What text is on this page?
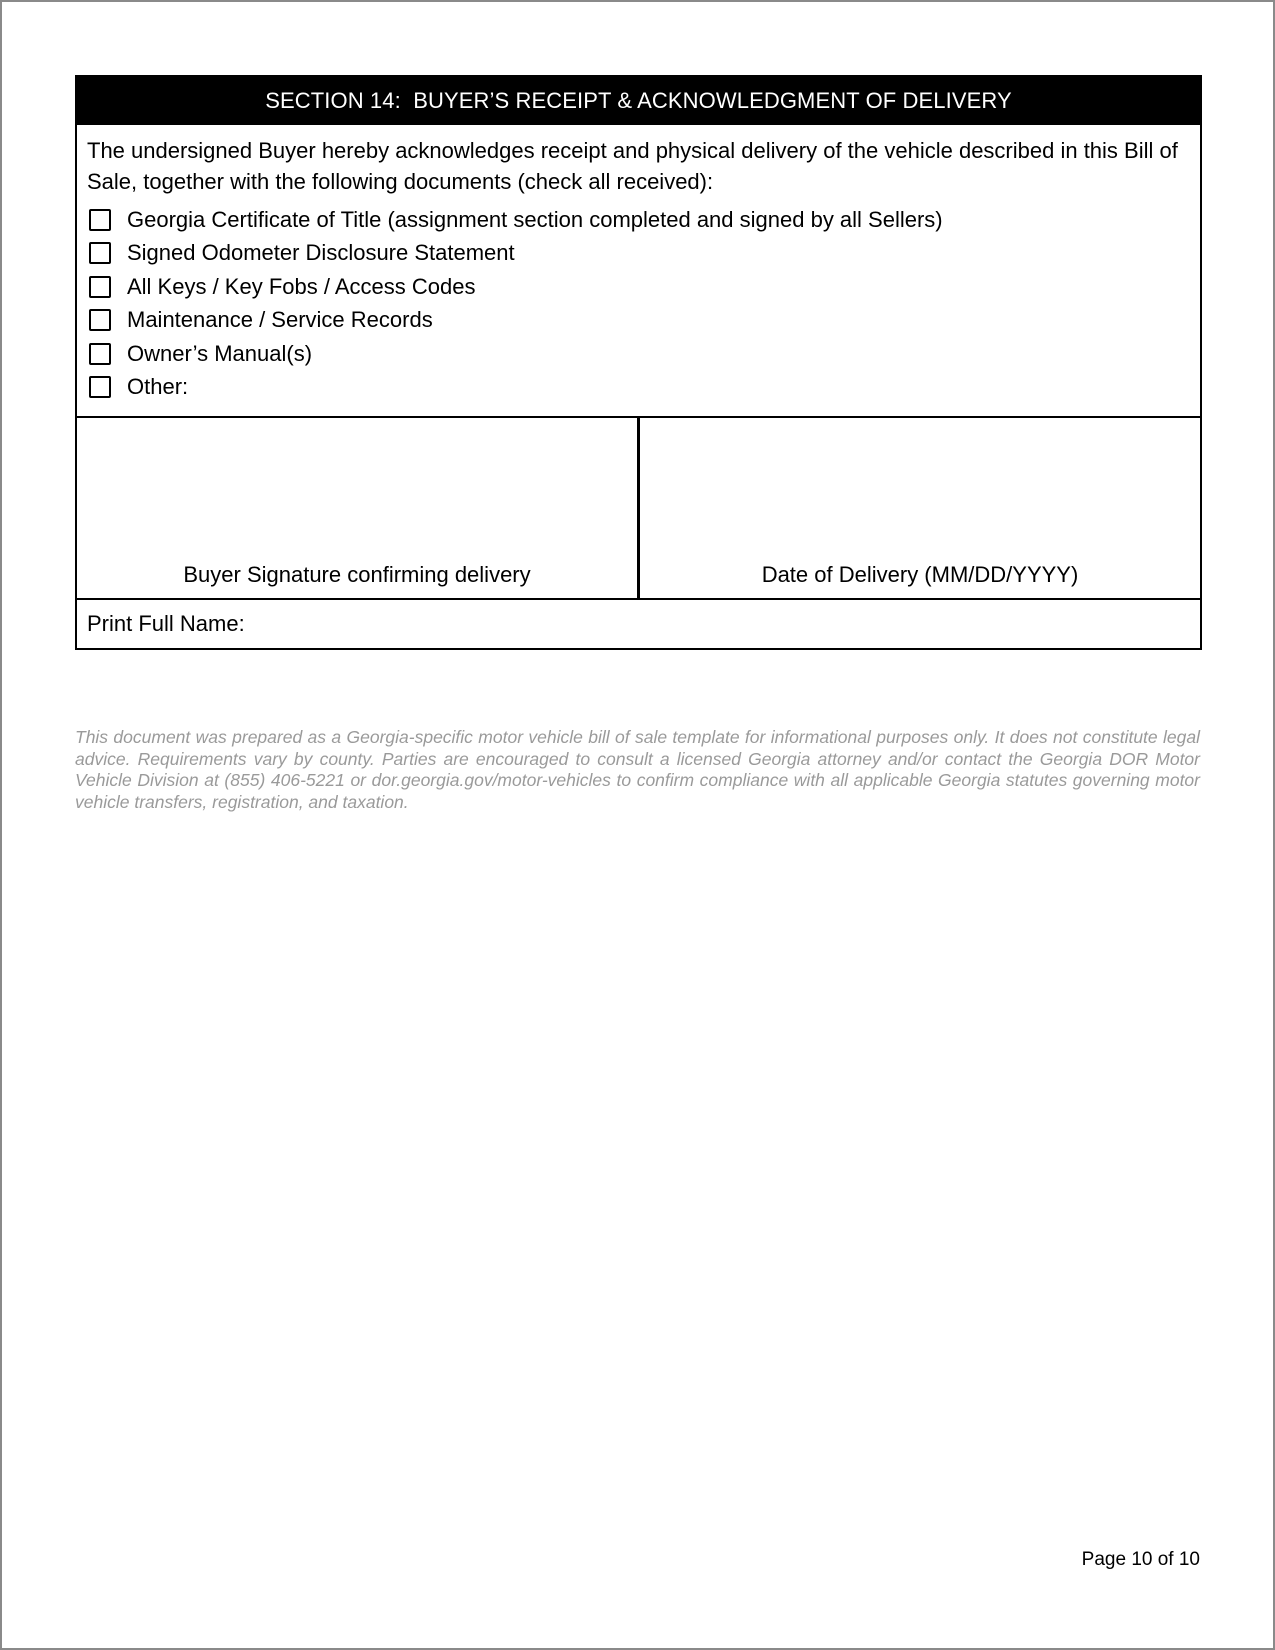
SECTION 14:  BUYER’S RECEIPT & ACKNOWLEDGMENT OF DELIVERY
The undersigned Buyer hereby acknowledges receipt and physical delivery of the vehicle described in this Bill of Sale, together with the following documents (check all received):
Georgia Certificate of Title (assignment section completed and signed by all Sellers)
Signed Odometer Disclosure Statement
All Keys / Key Fobs / Access Codes
Maintenance / Service Records
Owner’s Manual(s)
Other:
Buyer Signature confirming delivery	Date of Delivery (MM/DD/YYYY)
Print Full Name:
This document was prepared as a Georgia-specific motor vehicle bill of sale template for informational purposes only. It does not constitute legal advice. Requirements vary by county. Parties are encouraged to consult a licensed Georgia attorney and/or contact the Georgia DOR Motor Vehicle Division at (855) 406-5221 or dor.georgia.gov/motor-vehicles to confirm compliance with all applicable Georgia statutes governing motor vehicle transfers, registration, and taxation.
Page 10 of 10
